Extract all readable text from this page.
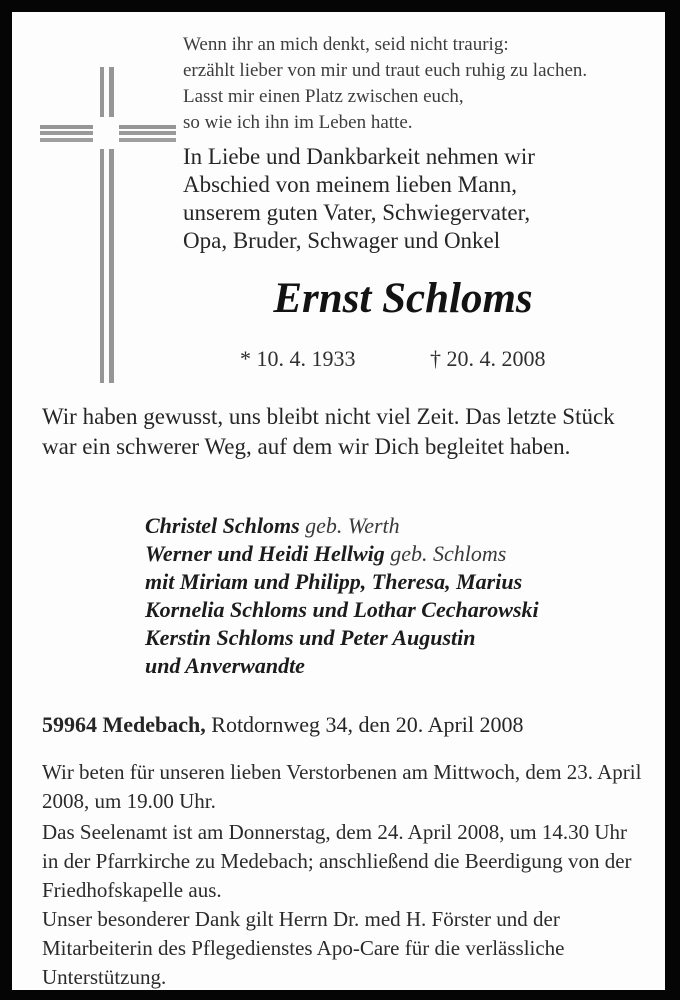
Wenn ihr an mich denkt, seid nicht traurig:
erzählt lieber von mir und traut euch ruhig zu lachen.
Lasst mir einen Platz zwischen euch,
so wie ich ihn im Leben hatte.
In Liebe und Dankbarkeit nehmen wir
Abschied von meinem lieben Mann,
unserem guten Vater, Schwiegervater,
Opa, Bruder, Schwager und Onkel
Ernst Schloms
* 10. 4. 1933	† 20. 4. 2008
Wir haben gewusst, uns bleibt nicht viel Zeit. Das letzte Stück war ein schwerer Weg, auf dem wir Dich begleitet haben.
Christel Schloms geb. Werth
Werner und Heidi Hellwig geb. Schloms
mit Miriam und Philipp, Theresa, Marius
Kornelia Schloms und Lothar Cecharowski
Kerstin Schloms und Peter Augustin
und Anverwandte
59964 Medebach, Rotdornweg 34, den 20. April 2008
Wir beten für unseren lieben Verstorbenen am Mittwoch, dem 23. April 2008, um 19.00 Uhr.
Das Seelenamt ist am Donnerstag, dem 24. April 2008, um 14.30 Uhr in der Pfarrkirche zu Medebach; anschließend die Beerdigung von der Friedhofskapelle aus.
Unser besonderer Dank gilt Herrn Dr. med H. Förster und der Mitarbeiterin des Pflegedienstes Apo-Care für die verlässliche Unterstützung.
